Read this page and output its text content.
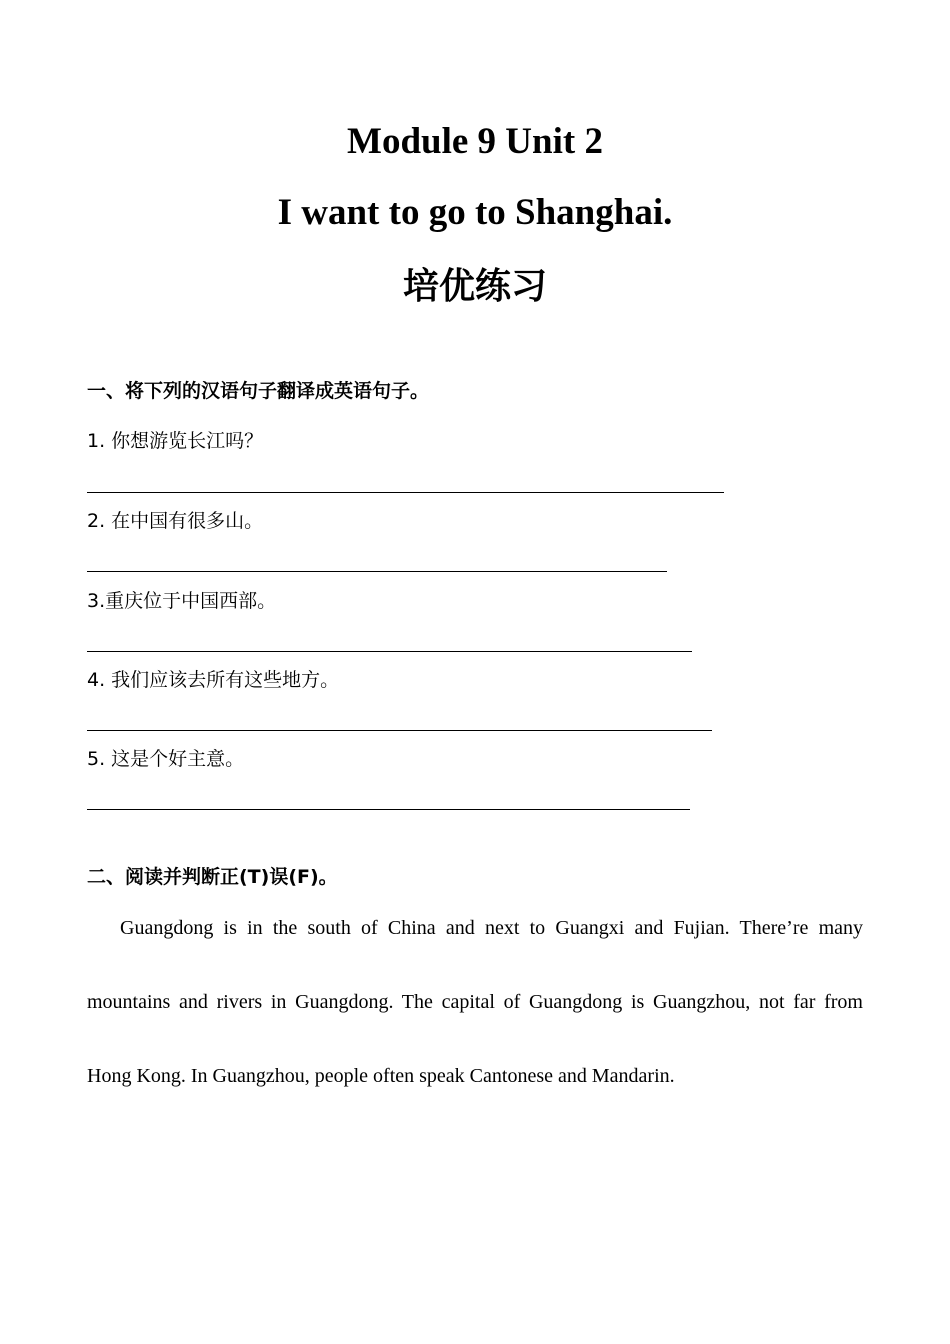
Module 9 Unit 2
I want to go to Shanghai.
培优练习
一、将下列的汉语句子翻译成英语句子。
1. 你想游览长江吗？
2. 在中国有很多山。
3.重庆位于中国西部。
4. 我们应该去所有这些地方。
5. 这是个好主意。
二、阅读并判断正(T)误(F)。
Guangdong is in the south of China and next to Guangxi and Fujian. There’re many mountains and rivers in Guangdong. The capital of Guangdong is Guangzhou, not far from Hong Kong. In Guangzhou, people often speak Cantonese and Mandarin.
